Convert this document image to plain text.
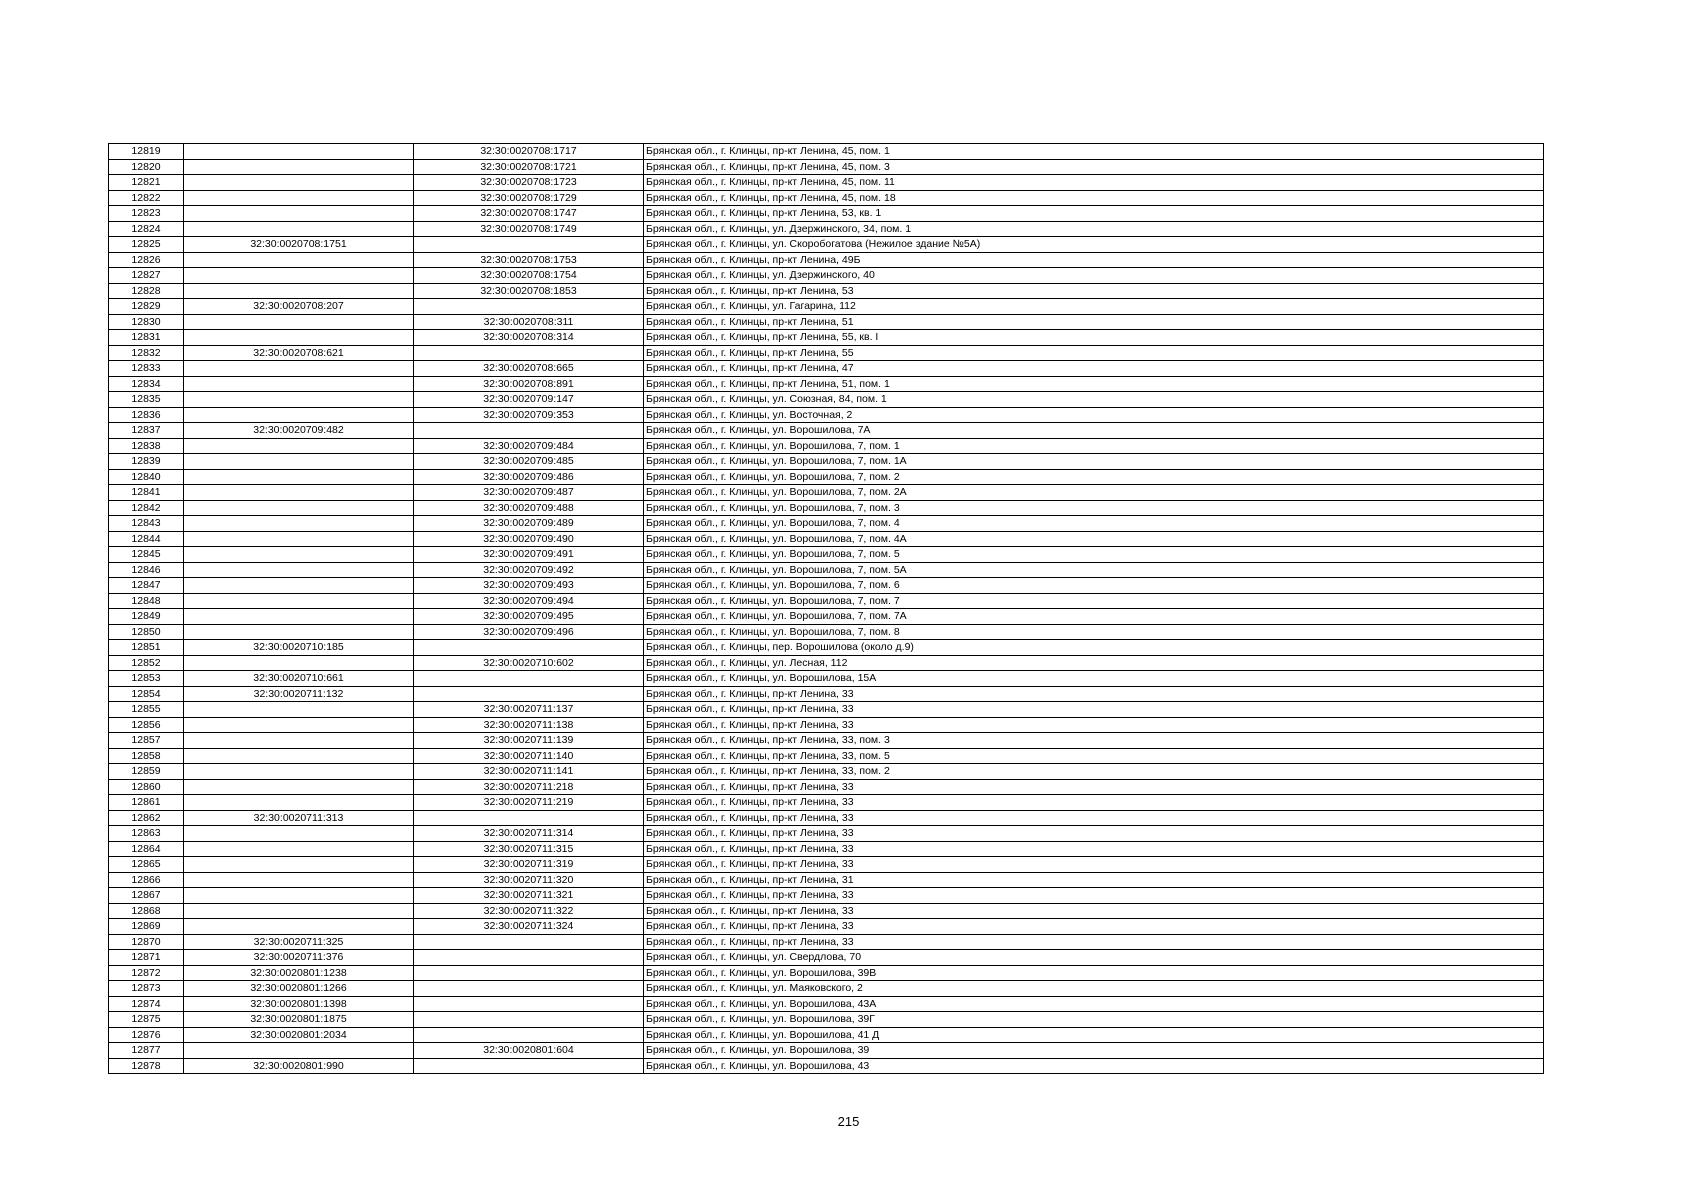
12819		32:30:0020708:1717	Брянская обл., г. Клинцы, пр-кт Ленина, 45, пом. 1
12820		32:30:0020708:1721	Брянская обл., г. Клинцы, пр-кт Ленина, 45, пом. 3
12821		32:30:0020708:1723	Брянская обл., г. Клинцы, пр-кт Ленина, 45, пом. 11
12822		32:30:0020708:1729	Брянская обл., г. Клинцы, пр-кт Ленина, 45, пом. 18
12823		32:30:0020708:1747	Брянская обл., г. Клинцы, пр-кт Ленина, 53, кв. 1
12824		32:30:0020708:1749	Брянская обл., г. Клинцы, ул. Дзержинского, 34, пом. 1
12825	32:30:0020708:1751		Брянская обл., г. Клинцы, ул. Скоробогатова (Нежилое здание №5А)
12826		32:30:0020708:1753	Брянская обл., г. Клинцы, пр-кт Ленина, 49Б
12827		32:30:0020708:1754	Брянская обл., г. Клинцы, ул. Дзержинского, 40
12828		32:30:0020708:1853	Брянская обл., г. Клинцы, пр-кт Ленина, 53
12829	32:30:0020708:207		Брянская обл., г. Клинцы, ул. Гагарина, 112
12830		32:30:0020708:311	Брянская обл., г. Клинцы, пр-кт Ленина, 51
12831		32:30:0020708:314	Брянская обл., г. Клинцы, пр-кт Ленина, 55, кв. I
12832	32:30:0020708:621		Брянская обл., г. Клинцы, пр-кт Ленина, 55
12833		32:30:0020708:665	Брянская обл., г. Клинцы, пр-кт Ленина, 47
12834		32:30:0020708:891	Брянская обл., г. Клинцы, пр-кт Ленина, 51, пом. 1
12835		32:30:0020709:147	Брянская обл., г. Клинцы, ул. Союзная, 84, пом. 1
12836		32:30:0020709:353	Брянская обл., г. Клинцы, ул. Восточная, 2
12837	32:30:0020709:482		Брянская обл., г. Клинцы, ул. Ворошилова, 7А
12838		32:30:0020709:484	Брянская обл., г. Клинцы, ул. Ворошилова, 7, пом. 1
12839		32:30:0020709:485	Брянская обл., г. Клинцы, ул. Ворошилова, 7, пом. 1А
12840		32:30:0020709:486	Брянская обл., г. Клинцы, ул. Ворошилова, 7, пом. 2
12841		32:30:0020709:487	Брянская обл., г. Клинцы, ул. Ворошилова, 7, пом. 2А
12842		32:30:0020709:488	Брянская обл., г. Клинцы, ул. Ворошилова, 7, пом. 3
12843		32:30:0020709:489	Брянская обл., г. Клинцы, ул. Ворошилова, 7, пом. 4
12844		32:30:0020709:490	Брянская обл., г. Клинцы, ул. Ворошилова, 7, пом. 4А
12845		32:30:0020709:491	Брянская обл., г. Клинцы, ул. Ворошилова, 7, пом. 5
12846		32:30:0020709:492	Брянская обл., г. Клинцы, ул. Ворошилова, 7, пом. 5А
12847		32:30:0020709:493	Брянская обл., г. Клинцы, ул. Ворошилова, 7, пом. 6
12848		32:30:0020709:494	Брянская обл., г. Клинцы, ул. Ворошилова, 7, пом. 7
12849		32:30:0020709:495	Брянская обл., г. Клинцы, ул. Ворошилова, 7, пом. 7А
12850		32:30:0020709:496	Брянская обл., г. Клинцы, ул. Ворошилова, 7, пом. 8
12851	32:30:0020710:185		Брянская обл., г. Клинцы, пер. Ворошилова (около д.9)
12852		32:30:0020710:602	Брянская обл., г. Клинцы, ул. Лесная, 112
12853	32:30:0020710:661		Брянская обл., г. Клинцы, ул. Ворошилова, 15А
12854	32:30:0020711:132		Брянская обл., г. Клинцы, пр-кт Ленина, 33
12855		32:30:0020711:137	Брянская обл., г. Клинцы, пр-кт Ленина, 33
12856		32:30:0020711:138	Брянская обл., г. Клинцы, пр-кт Ленина, 33
12857		32:30:0020711:139	Брянская обл., г. Клинцы, пр-кт Ленина, 33, пом. 3
12858		32:30:0020711:140	Брянская обл., г. Клинцы, пр-кт Ленина, 33, пом. 5
12859		32:30:0020711:141	Брянская обл., г. Клинцы, пр-кт Ленина, 33, пом. 2
12860		32:30:0020711:218	Брянская обл., г. Клинцы, пр-кт Ленина, 33
12861		32:30:0020711:219	Брянская обл., г. Клинцы, пр-кт Ленина, 33
12862	32:30:0020711:313		Брянская обл., г. Клинцы, пр-кт Ленина, 33
12863		32:30:0020711:314	Брянская обл., г. Клинцы, пр-кт Ленина, 33
12864		32:30:0020711:315	Брянская обл., г. Клинцы, пр-кт Ленина, 33
12865		32:30:0020711:319	Брянская обл., г. Клинцы, пр-кт Ленина, 33
12866		32:30:0020711:320	Брянская обл., г. Клинцы, пр-кт Ленина, 31
12867		32:30:0020711:321	Брянская обл., г. Клинцы, пр-кт Ленина, 33
12868		32:30:0020711:322	Брянская обл., г. Клинцы, пр-кт Ленина, 33
12869		32:30:0020711:324	Брянская обл., г. Клинцы, пр-кт Ленина, 33
12870	32:30:0020711:325		Брянская обл., г. Клинцы, пр-кт Ленина, 33
12871	32:30:0020711:376		Брянская обл., г. Клинцы, ул. Свердлова, 70
12872	32:30:0020801:1238		Брянская обл., г. Клинцы, ул. Ворошилова, 39В
12873	32:30:0020801:1266		Брянская обл., г. Клинцы, ул. Маяковского, 2
12874	32:30:0020801:1398		Брянская обл., г. Клинцы, ул. Ворошилова, 43А
12875	32:30:0020801:1875		Брянская обл., г. Клинцы, ул. Ворошилова, 39Г
12876	32:30:0020801:2034		Брянская обл., г. Клинцы, ул. Ворошилова, 41 Д
12877		32:30:0020801:604	Брянская обл., г. Клинцы, ул. Ворошилова, 39
12878	32:30:0020801:990		Брянская обл., г. Клинцы, ул. Ворошилова, 43
215
